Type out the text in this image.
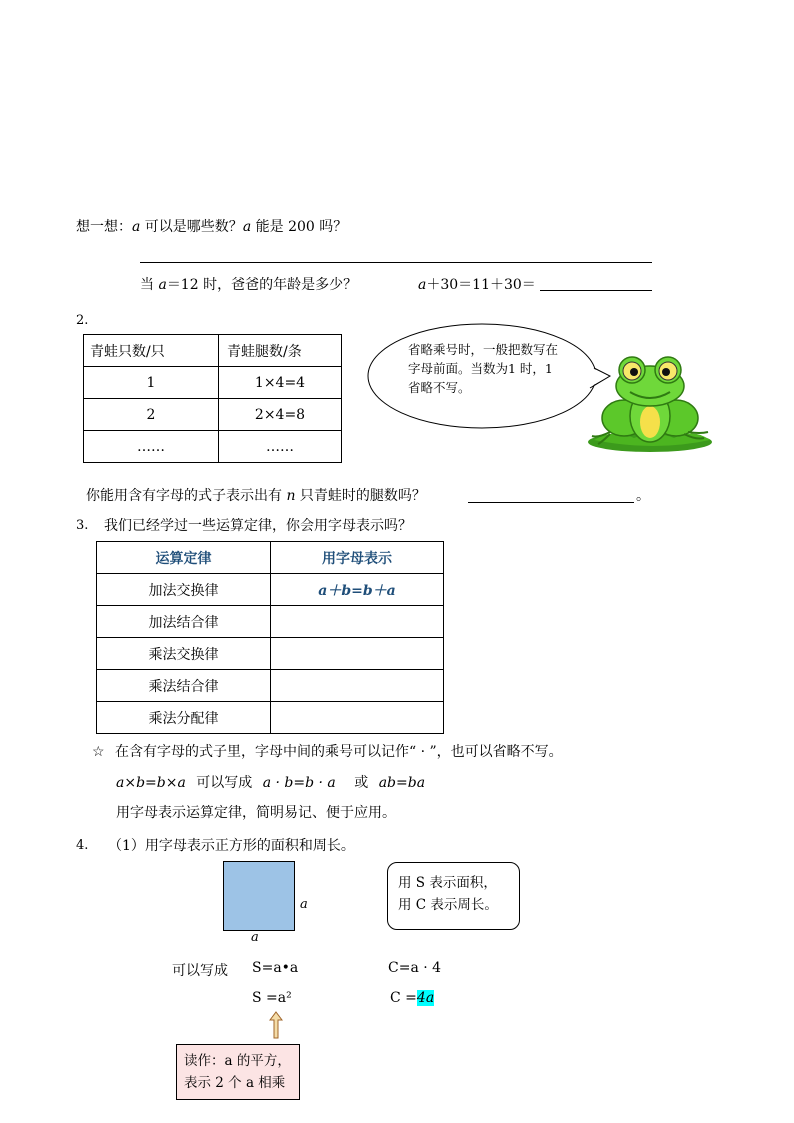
想一想：a 可以是哪些数？a 能是 200 吗？
当 a＝12 时，爸爸的年龄是多少？	a＋30＝11＋30＝
2.
青蛙只数/只	青蛙腿数/条
1	1×4=4
2	2×4=8
……	……
省略乘号时，一般把数写在字母前面。当数为1 时，1 省略不写。
你能用含有字母的式子表示出有 n 只青蛙时的腿数吗？	。
3. 我们已经学过一些运算定律，你会用字母表示吗？
运算定律	用字母表示
加法交换律	a＋b=b＋a
加法结合律	
乘法交换律	
乘法结合律	
乘法分配律	
☆ 在含有字母的式子里，字母中间的乘号可以记作“ · ”，也可以省略不写。
a×b=b×a 可以写成 a · b=b · a 或 ab=ba
用字母表示运算定律，简明易记、便于应用。
4. （1）用字母表示正方形的面积和周长。
a
a
用 S 表示面积，用 C 表示周长。
可以写成 S=a•a	C=a · 4
S =a²	C =4a
读作：a 的平方，表示 2 个 a 相乘
